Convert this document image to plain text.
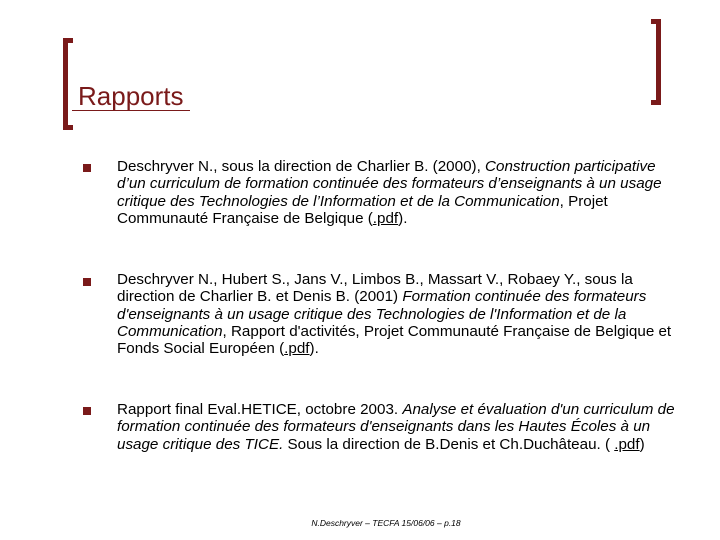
Rapports
Deschryver N., sous la direction de Charlier B. (2000), Construction participative d’un curriculum de formation continuée des formateurs d’enseignants à un usage critique des Technologies de l’Information et de la Communication, Projet Communauté Française de Belgique (.pdf).
Deschryver N., Hubert S., Jans V., Limbos B., Massart V., Robaey Y., sous la direction de Charlier B. et Denis B. (2001) Formation continuée des formateurs d'enseignants à un usage critique des Technologies de l'Information et de la Communication, Rapport d'activités, Projet Communauté Française de Belgique et Fonds Social Européen (.pdf).
Rapport final Eval.HETICE, octobre 2003. Analyse et évaluation d'un curriculum de formation continuée des formateurs d'enseignants dans les Hautes Écoles à un usage critique des TICE. Sous la direction de B.Denis et Ch.Duchâteau. ( .pdf)
N.Deschryver – TECFA 15/06/06 – p.18
